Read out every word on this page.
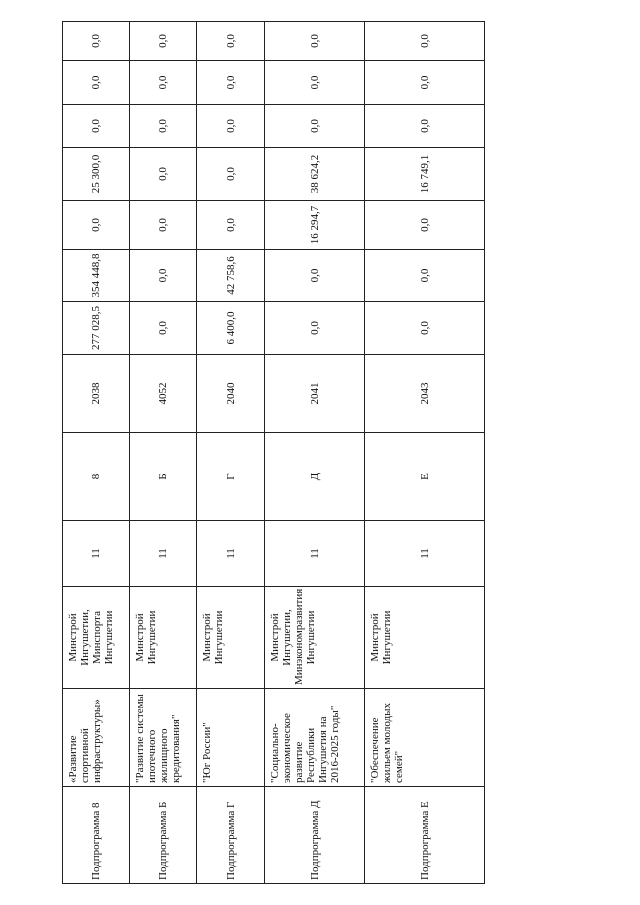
Подпрограмма 8	«Развитие спортивной инфраструктуры»	Минстрой Ингушетии, Минспорта Ингушетии	11	8	2038	277 028,5	354 448,8	0,0	25 300,0	0,0	0,0	0,0
Подпрограмма Б	"Развитие системы ипотечного жилищного кредитования"	Минстрой Ингушетии	11	Б	4052	0,0	0,0	0,0	0,0	0,0	0,0	0,0
Подпрограмма Г	"Юг России"	Минстрой Ингушетии	11	Г	2040	6 400,0	42 758,6	0,0	0,0	0,0	0,0	0,0
Подпрограмма Д	"Социально-экономическое развитие Республики Ингушетия на 2016-2025 годы"	Минстрой Ингушетии, Минэкономразвития Ингушетии	11	Д	2041	0,0	0,0	16 294,7	38 624,2	0,0	0,0	0,0
Подпрограмма Е	"Обеспечение жильем молодых семей"	Минстрой Ингушетии	11	Е	2043	0,0	0,0	0,0	16 749,1	0,0	0,0	0,0
